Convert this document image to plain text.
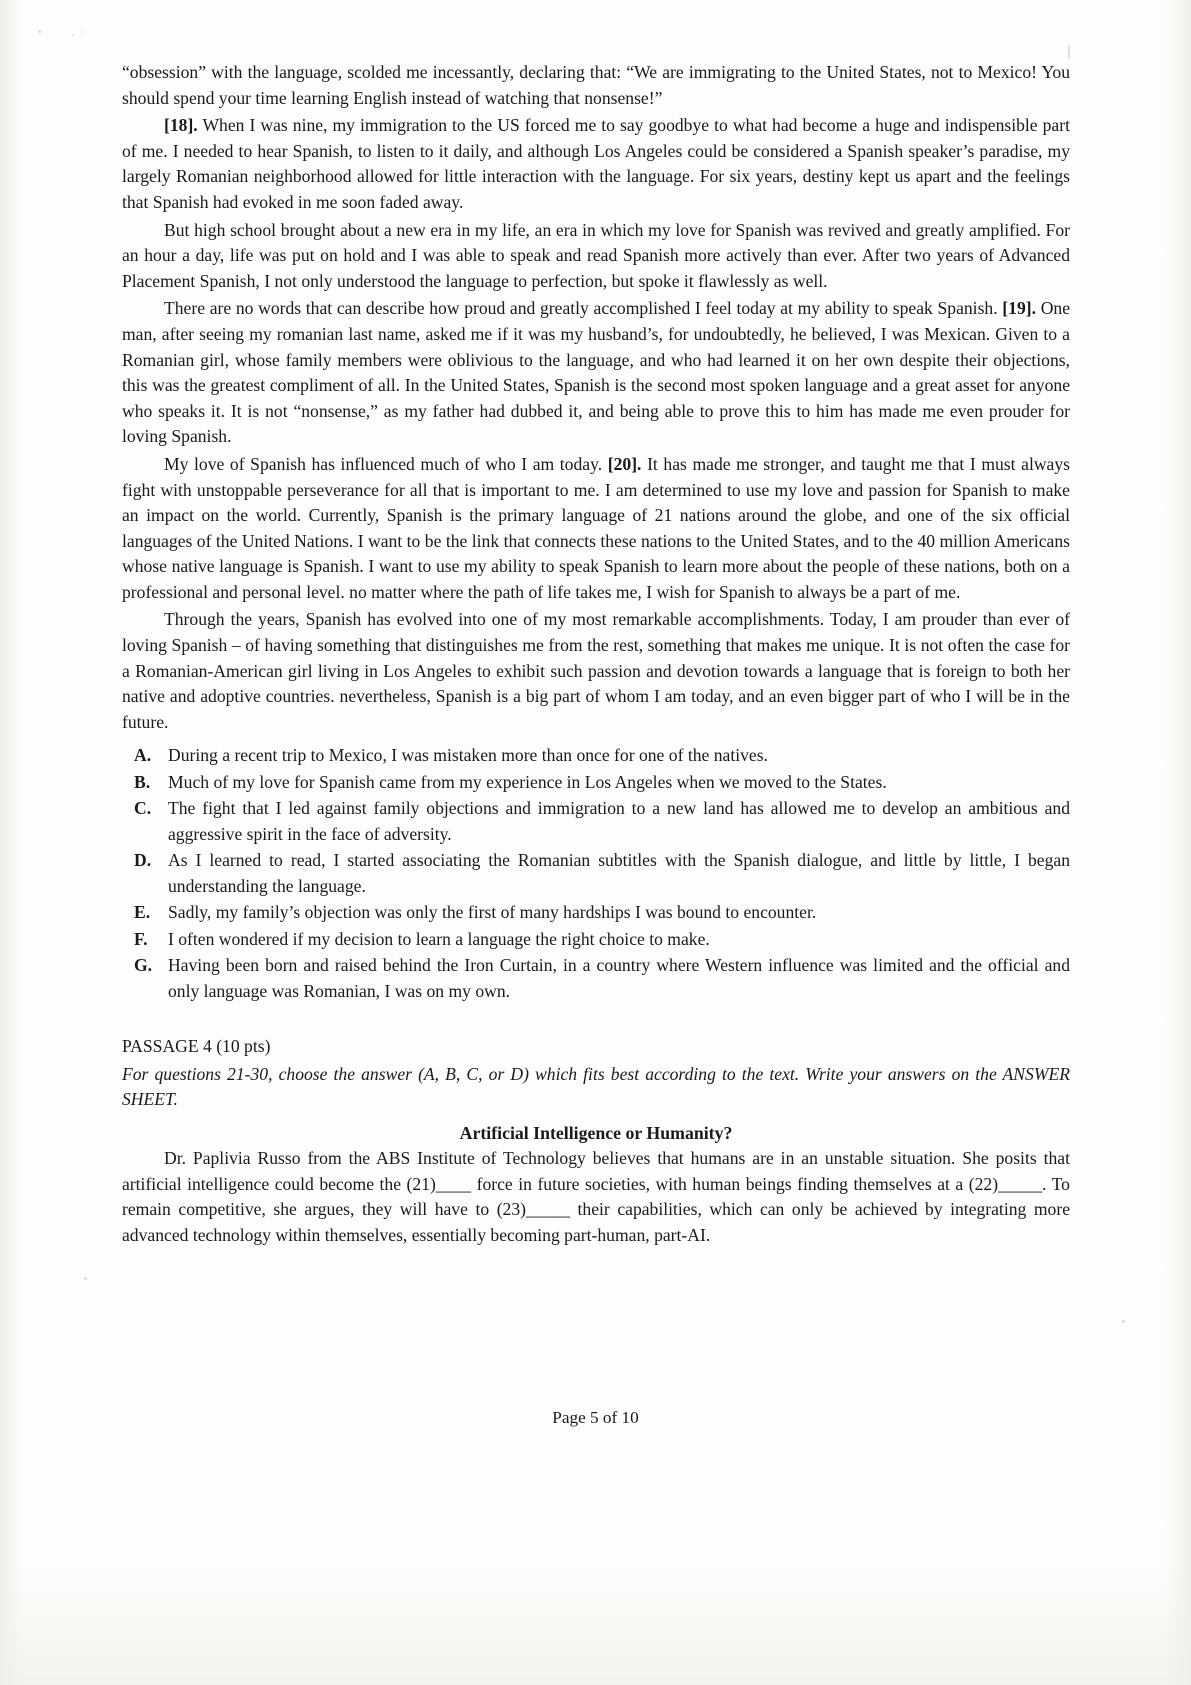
“obsession” with the language, scolded me incessantly, declaring that: “We are immigrating to the United States, not to Mexico! You should spend your time learning English instead of watching that nonsense!”

[18]. When I was nine, my immigration to the US forced me to say goodbye to what had become a huge and indispensible part of me. I needed to hear Spanish, to listen to it daily, and although Los Angeles could be considered a Spanish speaker’s paradise, my largely Romanian neighborhood allowed for little interaction with the language. For six years, destiny kept us apart and the feelings that Spanish had evoked in me soon faded away.

But high school brought about a new era in my life, an era in which my love for Spanish was revived and greatly amplified. For an hour a day, life was put on hold and I was able to speak and read Spanish more actively than ever. After two years of Advanced Placement Spanish, I not only understood the language to perfection, but spoke it flawlessly as well.

There are no words that can describe how proud and greatly accomplished I feel today at my ability to speak Spanish. [19]. One man, after seeing my romanian last name, asked me if it was my husband’s, for undoubtedly, he believed, I was Mexican. Given to a Romanian girl, whose family members were oblivious to the language, and who had learned it on her own despite their objections, this was the greatest compliment of all. In the United States, Spanish is the second most spoken language and a great asset for anyone who speaks it. It is not “nonsense,” as my father had dubbed it, and being able to prove this to him has made me even prouder for loving Spanish.

My love of Spanish has influenced much of who I am today. [20]. It has made me stronger, and taught me that I must always fight with unstoppable perseverance for all that is important to me. I am determined to use my love and passion for Spanish to make an impact on the world. Currently, Spanish is the primary language of 21 nations around the globe, and one of the six official languages of the United Nations. I want to be the link that connects these nations to the United States, and to the 40 million Americans whose native language is Spanish. I want to use my ability to speak Spanish to learn more about the people of these nations, both on a professional and personal level. no matter where the path of life takes me, I wish for Spanish to always be a part of me.

Through the years, Spanish has evolved into one of my most remarkable accomplishments. Today, I am prouder than ever of loving Spanish – of having something that distinguishes me from the rest, something that makes me unique. It is not often the case for a Romanian-American girl living in Los Angeles to exhibit such passion and devotion towards a language that is foreign to both her native and adoptive countries. nevertheless, Spanish is a big part of whom I am today, and an even bigger part of who I will be in the future.

A. During a recent trip to Mexico, I was mistaken more than once for one of the natives.
B.	Much of my love for Spanish came from my experience in Los Angeles when we moved to the States.
C. The fight that I led against family objections and immigration to a new land has allowed me to develop an ambitious and aggressive spirit in the face of adversity.
D. As I learned to read, I started associating the Romanian subtitles with the Spanish dialogue, and little by little, I began understanding the language.
E.	Sadly, my family’s objection was only the first of many hardships I was bound to encounter.
F.	I often wondered if my decision to learn a language the right choice to make.
G. Having been born and raised behind the Iron Curtain, in a country where Western influence was limited and the official and only language was Romanian, I was on my own.
PASSAGE 4 (10 pts)
For questions 21-30, choose the answer (A, B, C, or D) which fits best according to the text. Write your answers on the ANSWER SHEET.
Artificial Intelligence or Humanity?

Dr. Paplivia Russo from the ABS Institute of Technology believes that humans are in an unstable situation. She posits that artificial intelligence could become the (21)____ force in future societies, with human beings finding themselves at a (22)_____. To remain competitive, she argues, they will have to (23)_____ their capabilities, which can only be achieved by integrating more advanced technology within themselves, essentially becoming part-human, part-AI.

Page 5 of 10
